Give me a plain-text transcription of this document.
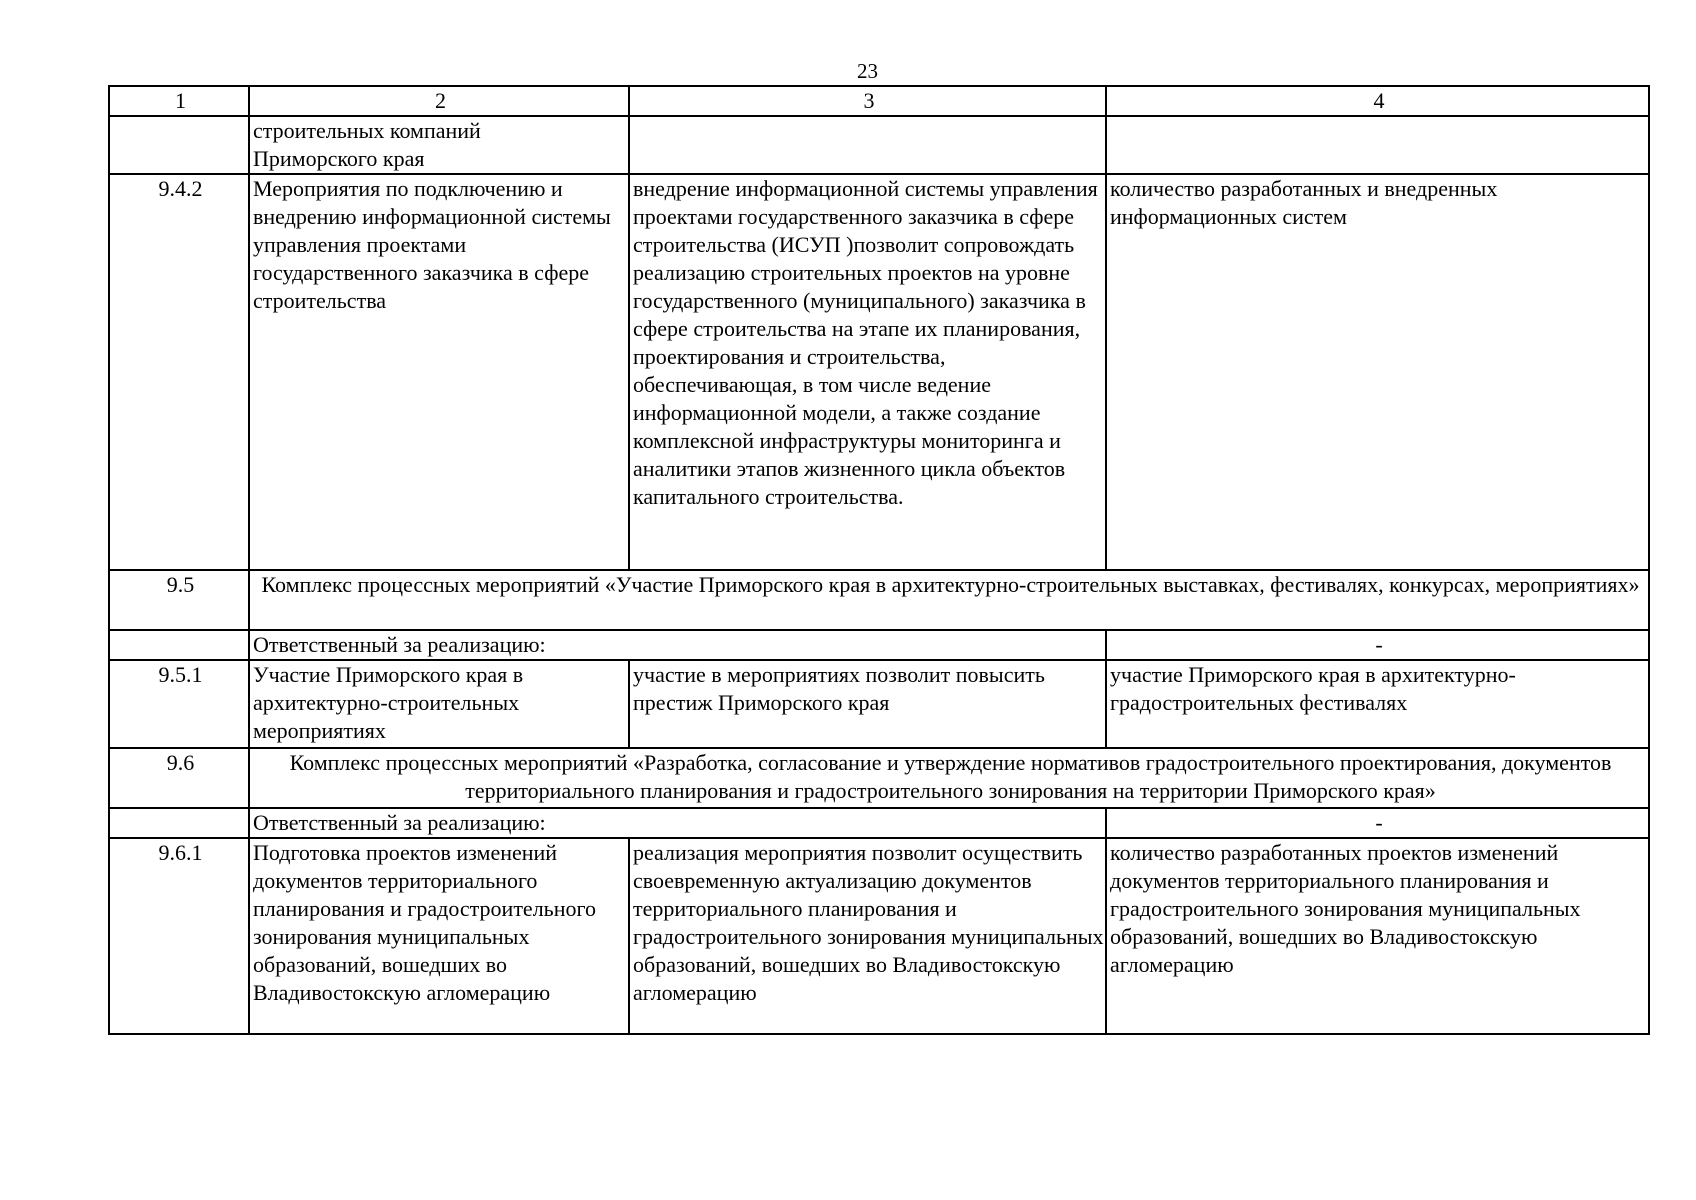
23
1	2	3	4
	строительных компаний
Приморского края		
9.4.2	Мероприятия по подключению и внедрению информационной системы управления проектами государственного заказчика в сфере строительства	внедрение информационной системы управления проектами государственного заказчика в сфере строительства (ИСУП )позволит сопровождать реализацию строительных проектов на уровне государственного (муниципального) заказчика в сфере строительства на этапе их планирования, проектирования и строительства, обеспечивающая, в том числе ведение информационной модели, а также создание комплексной инфраструктуры мониторинга и аналитики этапов жизненного цикла объектов капитального строительства.	количество разработанных и внедренных информационных систем
9.5	Комплекс процессных мероприятий «Участие Приморского края в архитектурно-строительных выставках, фестивалях, конкурсах, мероприятиях»		
	Ответственный за реализацию:		-
9.5.1	Участие Приморского края в архитектурно-строительных мероприятиях	участие в мероприятиях позволит повысить престиж Приморского края	участие Приморского края в архитектурно-градостроительных фестивалях
9.6	Комплекс процессных мероприятий «Разработка, согласование и утверждение нормативов градостроительного проектирования, документов территориального планирования и градостроительного зонирования на территории Приморского края»		
	Ответственный за реализацию:		-
9.6.1	Подготовка проектов изменений документов территориального планирования и градостроительного зонирования муниципальных образований, вошедших во Владивостокскую агломерацию	реализация мероприятия позволит осуществить своевременную актуализацию документов территориального планирования и градостроительного зонирования муниципальных образований, вошедших во Владивостокскую агломерацию	количество разработанных проектов изменений документов территориального планирования и градостроительного зонирования муниципальных образований, вошедших во Владивостокскую агломерацию
